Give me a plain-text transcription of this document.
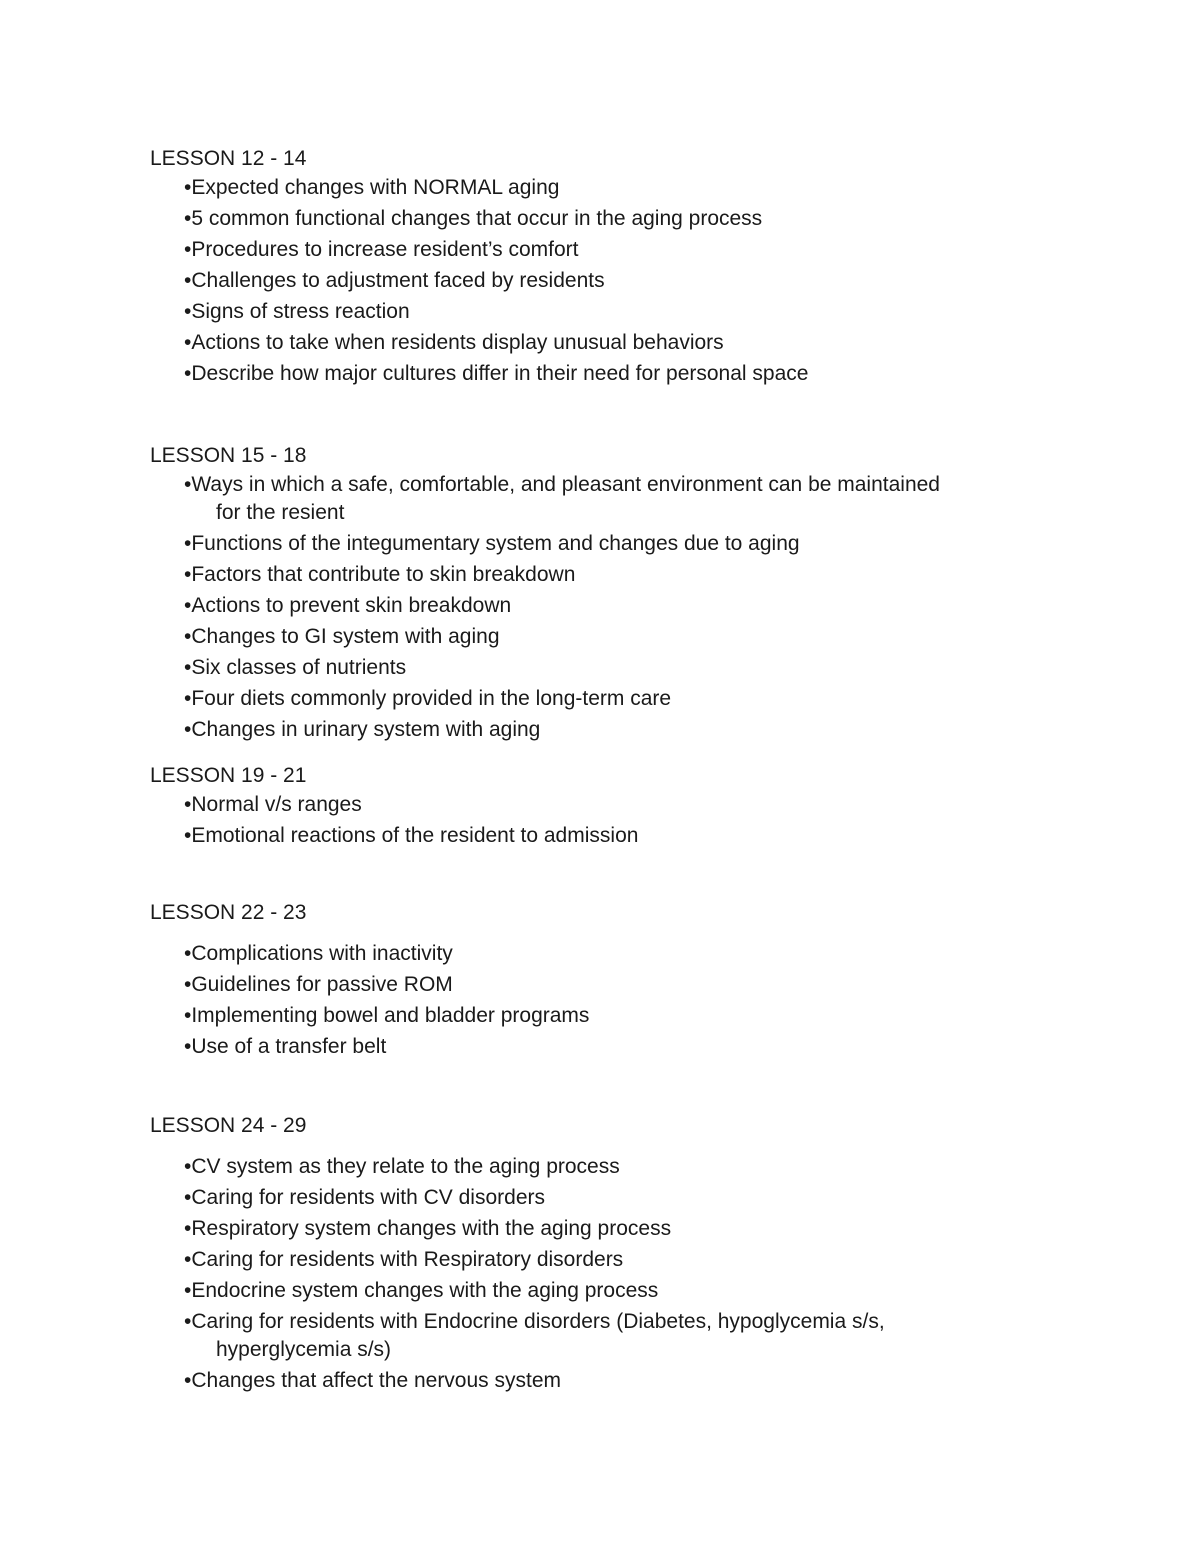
LESSON 12 - 14
•Expected changes with NORMAL aging
•5 common functional changes that occur in the aging process
•Procedures to increase resident’s comfort
•Challenges to adjustment faced by residents
•Signs of stress reaction
•Actions to take when residents display unusual behaviors
•Describe how major cultures differ in their need for personal space
LESSON 15 - 18
•Ways in which a safe, comfortable, and pleasant environment can be maintained
for the resient
•Functions of the integumentary system and changes due to aging
•Factors that contribute to skin breakdown
•Actions to prevent skin breakdown
•Changes to GI system with aging
•Six classes of nutrients
•Four diets commonly provided in the long-term care
•Changes in urinary system with aging
LESSON 19 - 21
•Normal v/s ranges
•Emotional reactions of the resident to admission
LESSON 22 - 23
•Complications with inactivity
•Guidelines for passive ROM
•Implementing bowel and bladder programs
•Use of a transfer belt
LESSON 24 - 29
•CV system as they relate to the aging process
•Caring for residents with CV disorders
•Respiratory system changes with the aging process
•Caring for residents with Respiratory disorders
•Endocrine system changes with the aging process
•Caring for residents with Endocrine disorders (Diabetes, hypoglycemia s/s,
hyperglycemia s/s)
•Changes that affect the nervous system
